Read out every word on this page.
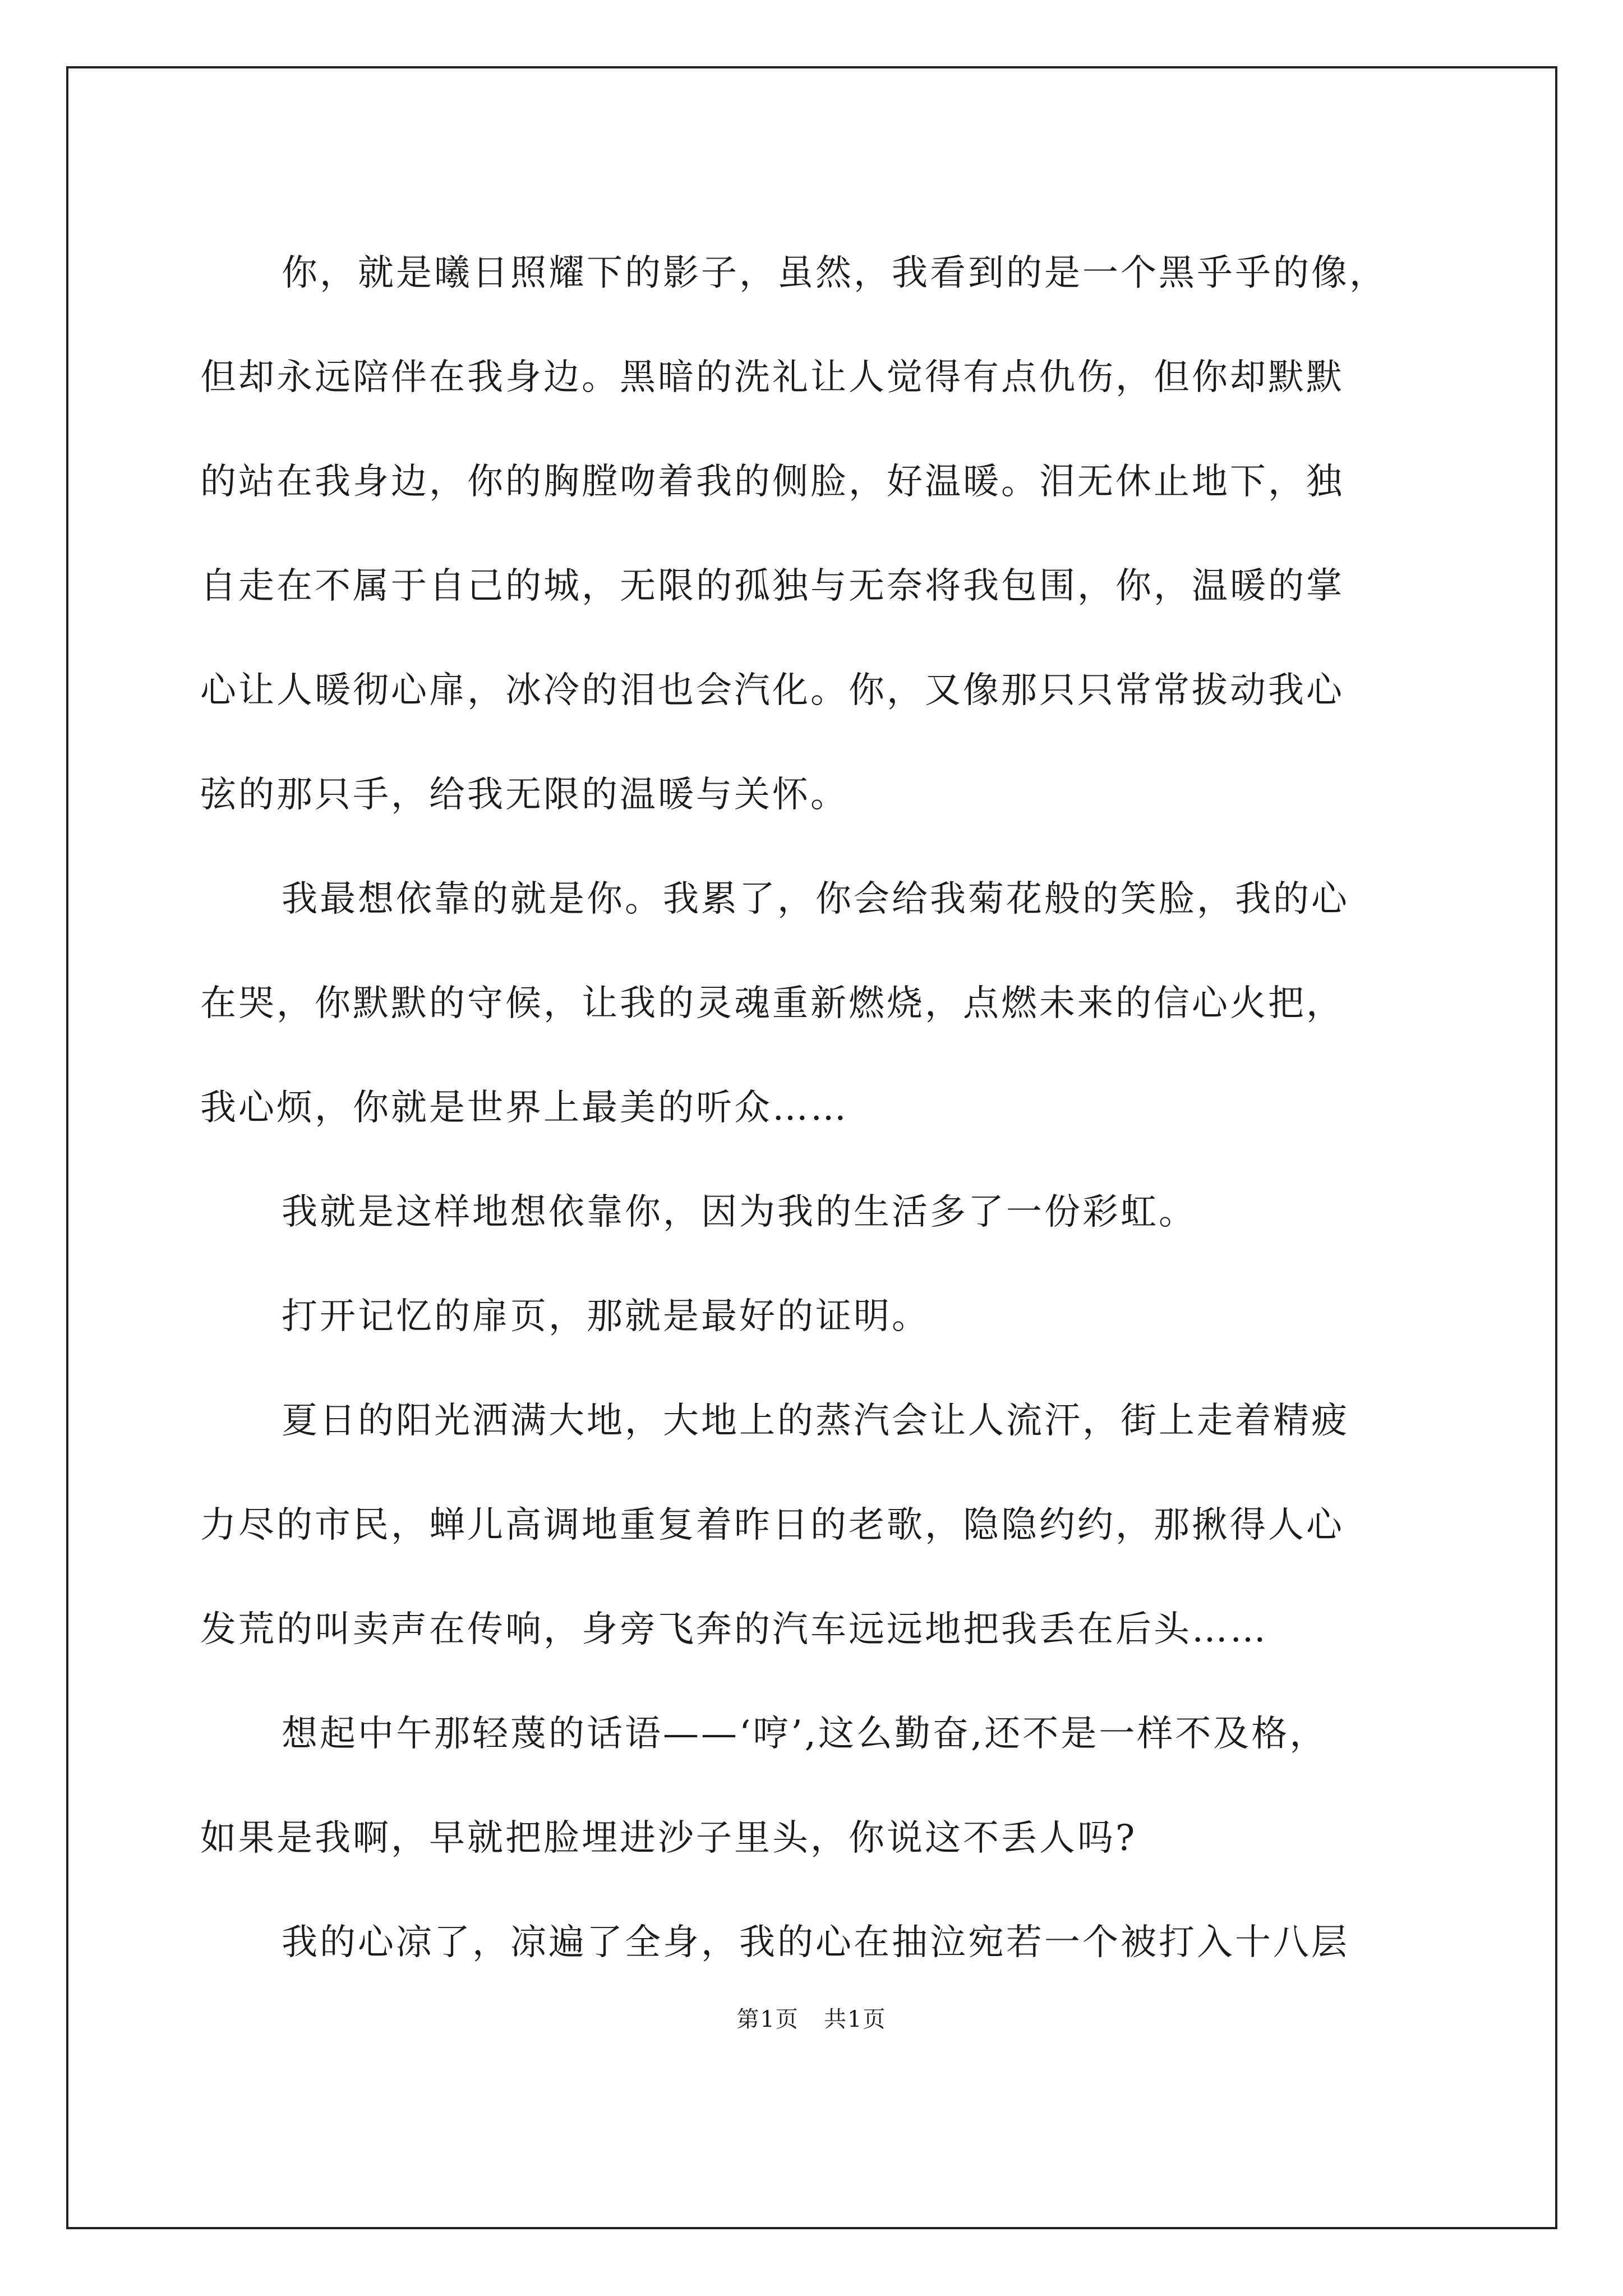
你，就是曦日照耀下的影子，虽然，我看到的是一个黑乎乎的像，
但却永远陪伴在我身边。黑暗的洗礼让人觉得有点仇伤，但你却默默
的站在我身边，你的胸膛吻着我的侧脸，好温暖。泪无休止地下，独
自走在不属于自己的城，无限的孤独与无奈将我包围，你，温暖的掌
心让人暖彻心扉，冰冷的泪也会汽化。你，又像那只只常常拔动我心
弦的那只手，给我无限的温暖与关怀。
我最想依靠的就是你。我累了，你会给我菊花般的笑脸，我的心
在哭，你默默的守候，让我的灵魂重新燃烧，点燃未来的信心火把，
我心烦，你就是世界上最美的听众……
我就是这样地想依靠你，因为我的生活多了一份彩虹。
打开记忆的扉页，那就是最好的证明。
夏日的阳光洒满大地，大地上的蒸汽会让人流汗，街上走着精疲
力尽的市民，蝉儿高调地重复着昨日的老歌，隐隐约约，那揪得人心
发荒的叫卖声在传响，身旁飞奔的汽车远远地把我丢在后头……
想起中午那轻蔑的话语——‘哼’,这么勤奋,还不是一样不及格，
如果是我啊，早就把脸埋进沙子里头，你说这不丢人吗?
我的心凉了，凉遍了全身，我的心在抽泣宛若一个被打入十八层
第1页   共1页
